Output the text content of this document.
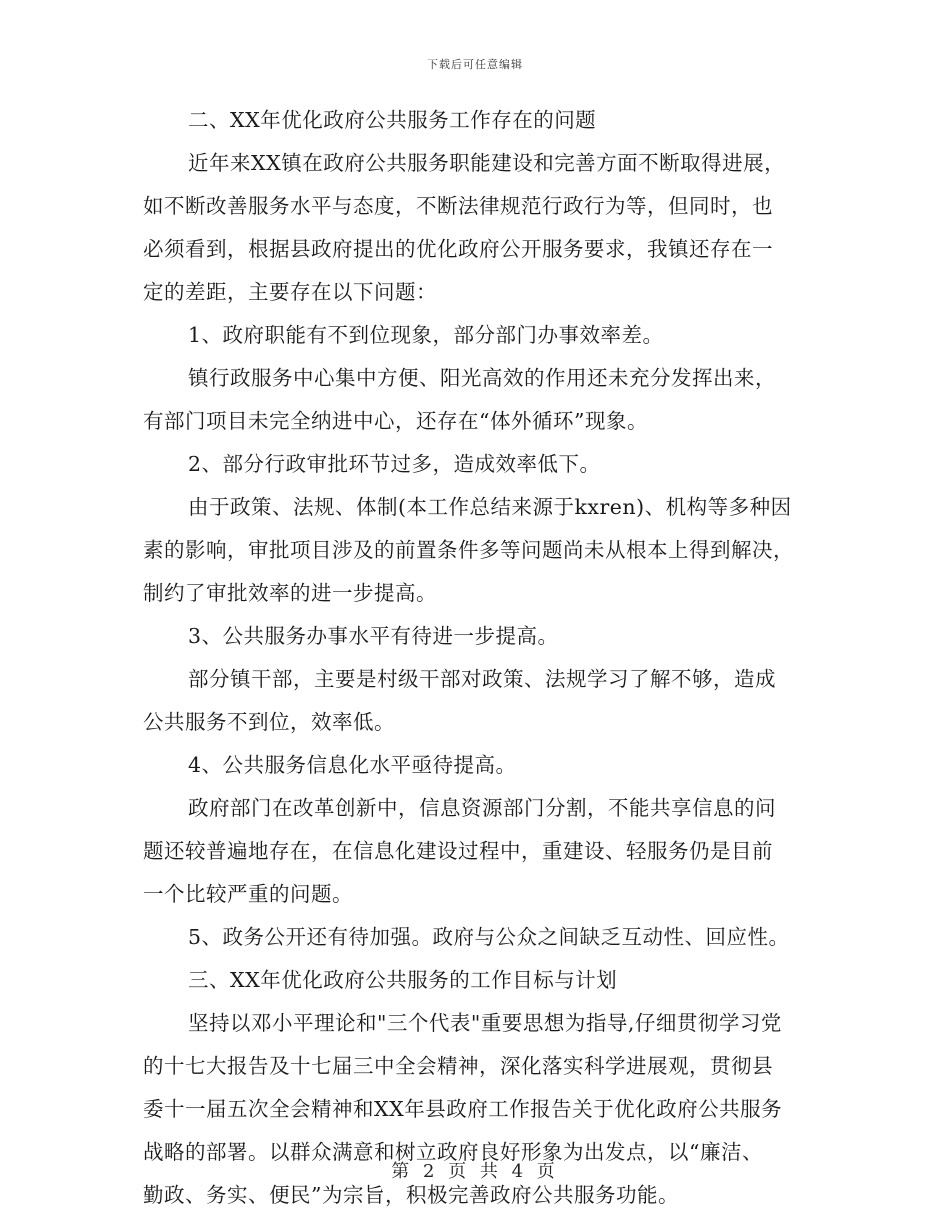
下载后可任意编辑
二、XX年优化政府公共服务工作存在的问题
近年来XX镇在政府公共服务职能建设和完善方面不断取得进展，
如不断改善服务水平与态度，不断法律规范行政行为等，但同时，也
必须看到，根据县政府提出的优化政府公开服务要求，我镇还存在一
定的差距，主要存在以下问题：
1、政府职能有不到位现象，部分部门办事效率差。
镇行政服务中心集中方便、阳光高效的作用还未充分发挥出来，
有部门项目未完全纳进中心，还存在“体外循环”现象。
2、部分行政审批环节过多，造成效率低下。
由于政策、法规、体制(本工作总结来源于kxren)、机构等多种因
素的影响，审批项目涉及的前置条件多等问题尚未从根本上得到解决，
制约了审批效率的进一步提高。
3、公共服务办事水平有待进一步提高。
部分镇干部，主要是村级干部对政策、法规学习了解不够，造成
公共服务不到位，效率低。
4、公共服务信息化水平亟待提高。
政府部门在改革创新中，信息资源部门分割，不能共享信息的问
题还较普遍地存在，在信息化建设过程中，重建设、轻服务仍是目前
一个比较严重的问题。
5、政务公开还有待加强。政府与公众之间缺乏互动性、回应性。
三、XX年优化政府公共服务的工作目标与计划
坚持以邓小平理论和"三个代表"重要思想为指导,仔细贯彻学习党
的十七大报告及十七届三中全会精神，深化落实科学进展观，贯彻县
委十一届五次全会精神和XX年县政府工作报告关于优化政府公共服务
战略的部署。以群众满意和树立政府良好形象为出发点，以“廉洁、
勤政、务实、便民”为宗旨，积极完善政府公共服务功能。
第 2 页 共 4 页
